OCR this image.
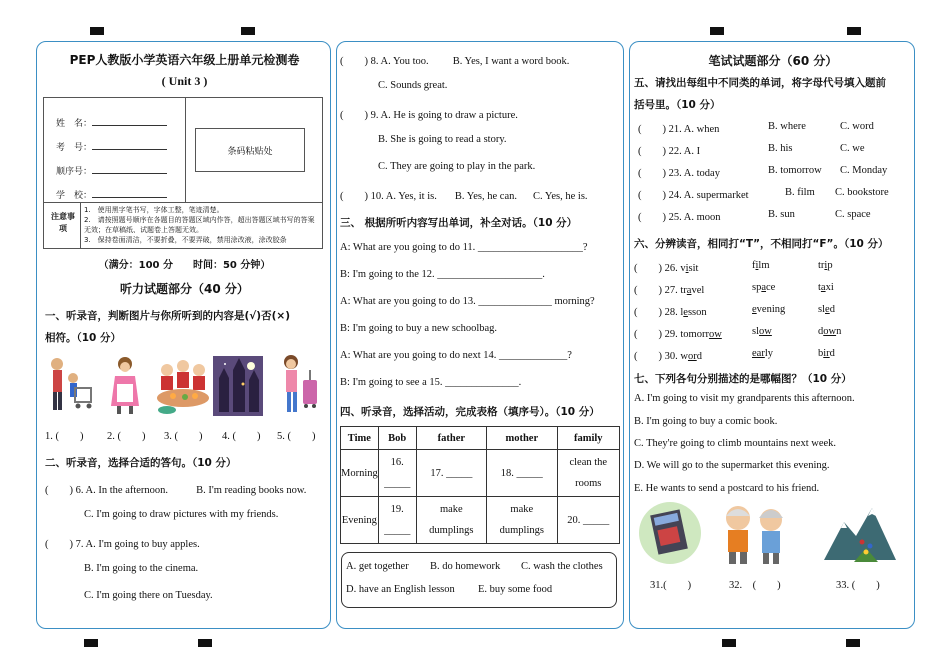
PEP人教版小学英语六年级上册单元检测卷
( Unit 3 )
姓　名：
考　号：
顺序号：
学　校：
条码粘贴处
注意事项
1.　使用黑字笔书写，字体工整，笔迹清楚。
2.　请按照题号顺序在各题目的答题区域内作答，超出答题区域书写的答案无效；在草稿纸、试题卷上答题无效。
3.　保持卷面清洁，不要折叠，不要弄破，禁用涂改液，涂改胶条
（满分：100 分　　时间：50 分钟）
听力试题部分（40 分）
一、听录音，判断图片与你所听到的内容是(√)否(×)
相符。（10 分）
1. (　　) 2. (　　) 3. (　　) 4. (　　) 5. (　　)
二、听录音，选择合适的答句。（10 分）
(　　) 6. A. In the afternoon.	B. I'm reading books now.
C. I'm going to draw pictures with my friends.
(　　) 7. A. I'm going to buy apples.
B. I'm going to the cinema.
C. I'm going there on Tuesday.
(　　) 8. A. You too. B. Yes, I want a word book.
C. Sounds great.
(　　) 9. A. He is going to draw a picture.
B. She is going to read a story.
C. They are going to play in the park.
(　　) 10. A. Yes, it is. B. Yes, he can. C. Yes, he is.
三、 根据所听内容写出单词，补全对话。（10 分）
A: What are you going to do 11. ____________________?
B: I'm going to the 12. ____________________.
A: What are you going to do 13. ______________ morning?
B: I'm going to buy a new schoolbag.
A: What are you going to do next 14. _____________?
B: I'm going to see a 15. ______________.
四、听录音，选择活动，完成表格（填序号）。（10 分）
Time	Bob	father	mother	family
Morning	16. _____	17. _____	18. _____	clean the rooms
Evening	19. _____	make dumplings	make dumplings	20. _____
A. get together B. do homework C. wash the clothes
D. have an English lesson E. buy some food
笔试试题部分（60 分）
五、请找出每组中不同类的单词，将字母代号填入题前
括号里。（10 分）
(　　) 21. A. when	B. where	C. word
(　　) 22. A. I	B. his	C. we
(　　) 23. A. today	B. tomorrow C. Monday
(　　) 24. A. supermarket	B. film C. bookstore
(　　) 25. A. moon	B. sun	C. space
六、分辨读音，相同打“T”，不相同打“F”。（10 分）
(　　) 26. visit	film	trip
(　　) 27. travel	space	taxi
(　　) 28. lesson	evening	sled
(　　) 29. tomorrow	slow	down
(　　) 30. word	early	bird
七、下列各句分别描述的是哪幅图？（10 分）
A. I'm going to visit my grandparents this afternoon.
B. I'm going to buy a comic book.
C. They're going to climb mountains next week.
D. We will go to the supermarket this evening.
E. He wants to send a postcard to his friend.
31.(　　)	32.　(　　)	33. (　　)
